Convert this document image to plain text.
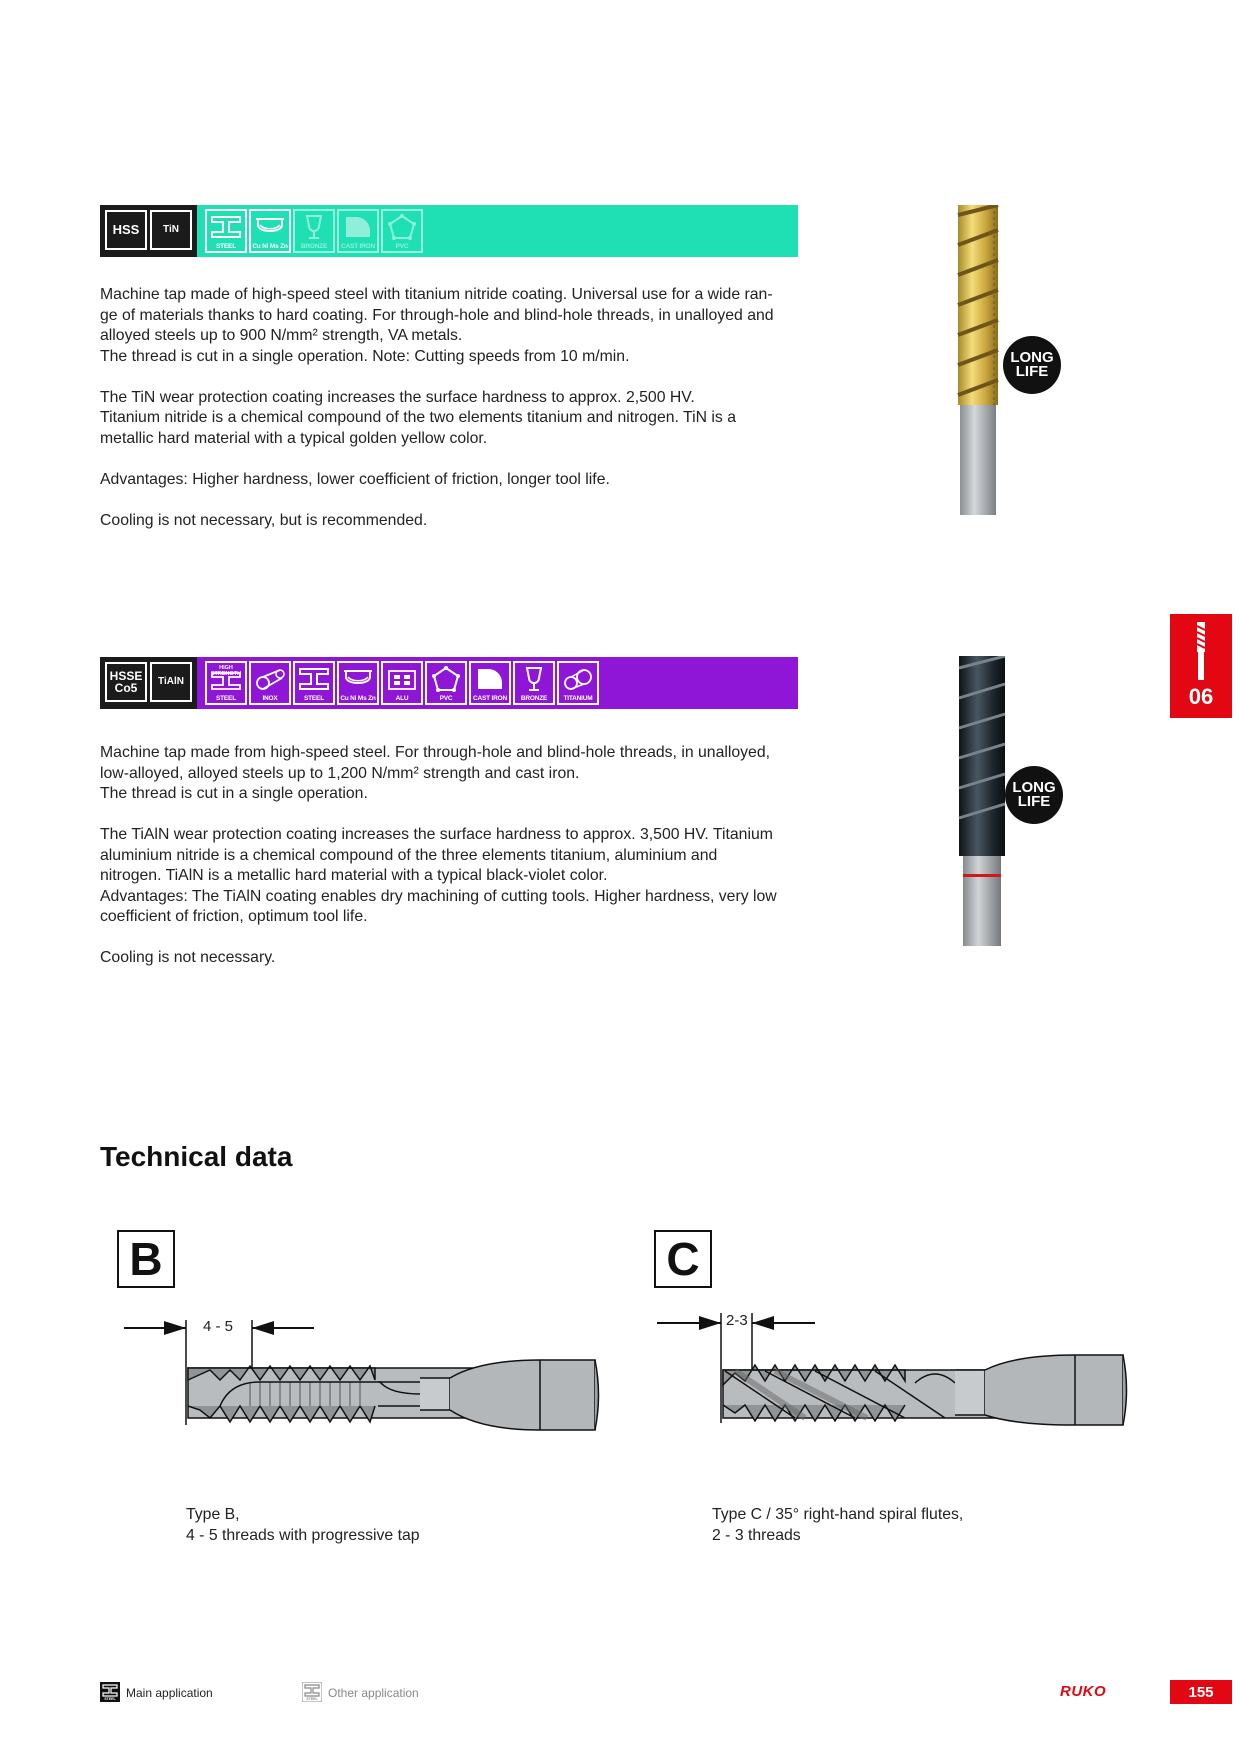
HSS	TiN
STEEL	Cu Ni Ms Zn	BRONZE	CAST IRON	PVC

Machine tap made of high-speed steel with titanium nitride coating. Universal use for a wide ran-

ge of materials thanks to hard coating. For through-hole and blind-hole threads, in unalloyed and

alloyed steels up to 900 N/mm² strength, VA metals.

The thread is cut in a single operation. Note: Cutting speeds from 10 m/min.

The TiN wear protection coating increases the surface hardness to approx. 2,500 HV.

Titanium nitride is a chemical compound of the two elements titanium and nitrogen. TiN is a

metallic hard material with a typical golden yellow color.

Advantages: Higher hardness, lower coefficient of friction, longer tool life.

Cooling is not necessary, but is recommended.

LONG
LIFE
06
HSSE Co5	TiAlN
HIGH STRENGTH
STEEL	INOX	STEEL	Cu Ni Ms Zn	ALU	PVC	CAST IRON	BRONZE	TITANIUM

Machine tap made from high-speed steel. For through-hole and blind-hole threads, in unalloyed,

low-alloyed, alloyed steels up to 1,200 N/mm² strength and cast iron.

The thread is cut in a single operation.

The TiAlN wear protection coating increases the surface hardness to approx. 3,500 HV. Titanium

aluminium nitride is a chemical compound of the three elements titanium, aluminium and

nitrogen. TiAlN is a metallic hard material with a typical black-violet color.

Advantages: The TiAlN coating enables dry machining of cutting tools. Higher hardness, very low

coefficient of friction, optimum tool life.

Cooling is not necessary.

LONG
LIFE
Technical data
B
4 - 5
Type B,
4 - 5 threads with progressive tap
C
2-3
Type C / 35° right-hand spiral flutes,
2 - 3 threads
STEEL Main application	STEEL Other application	RUKO	155
